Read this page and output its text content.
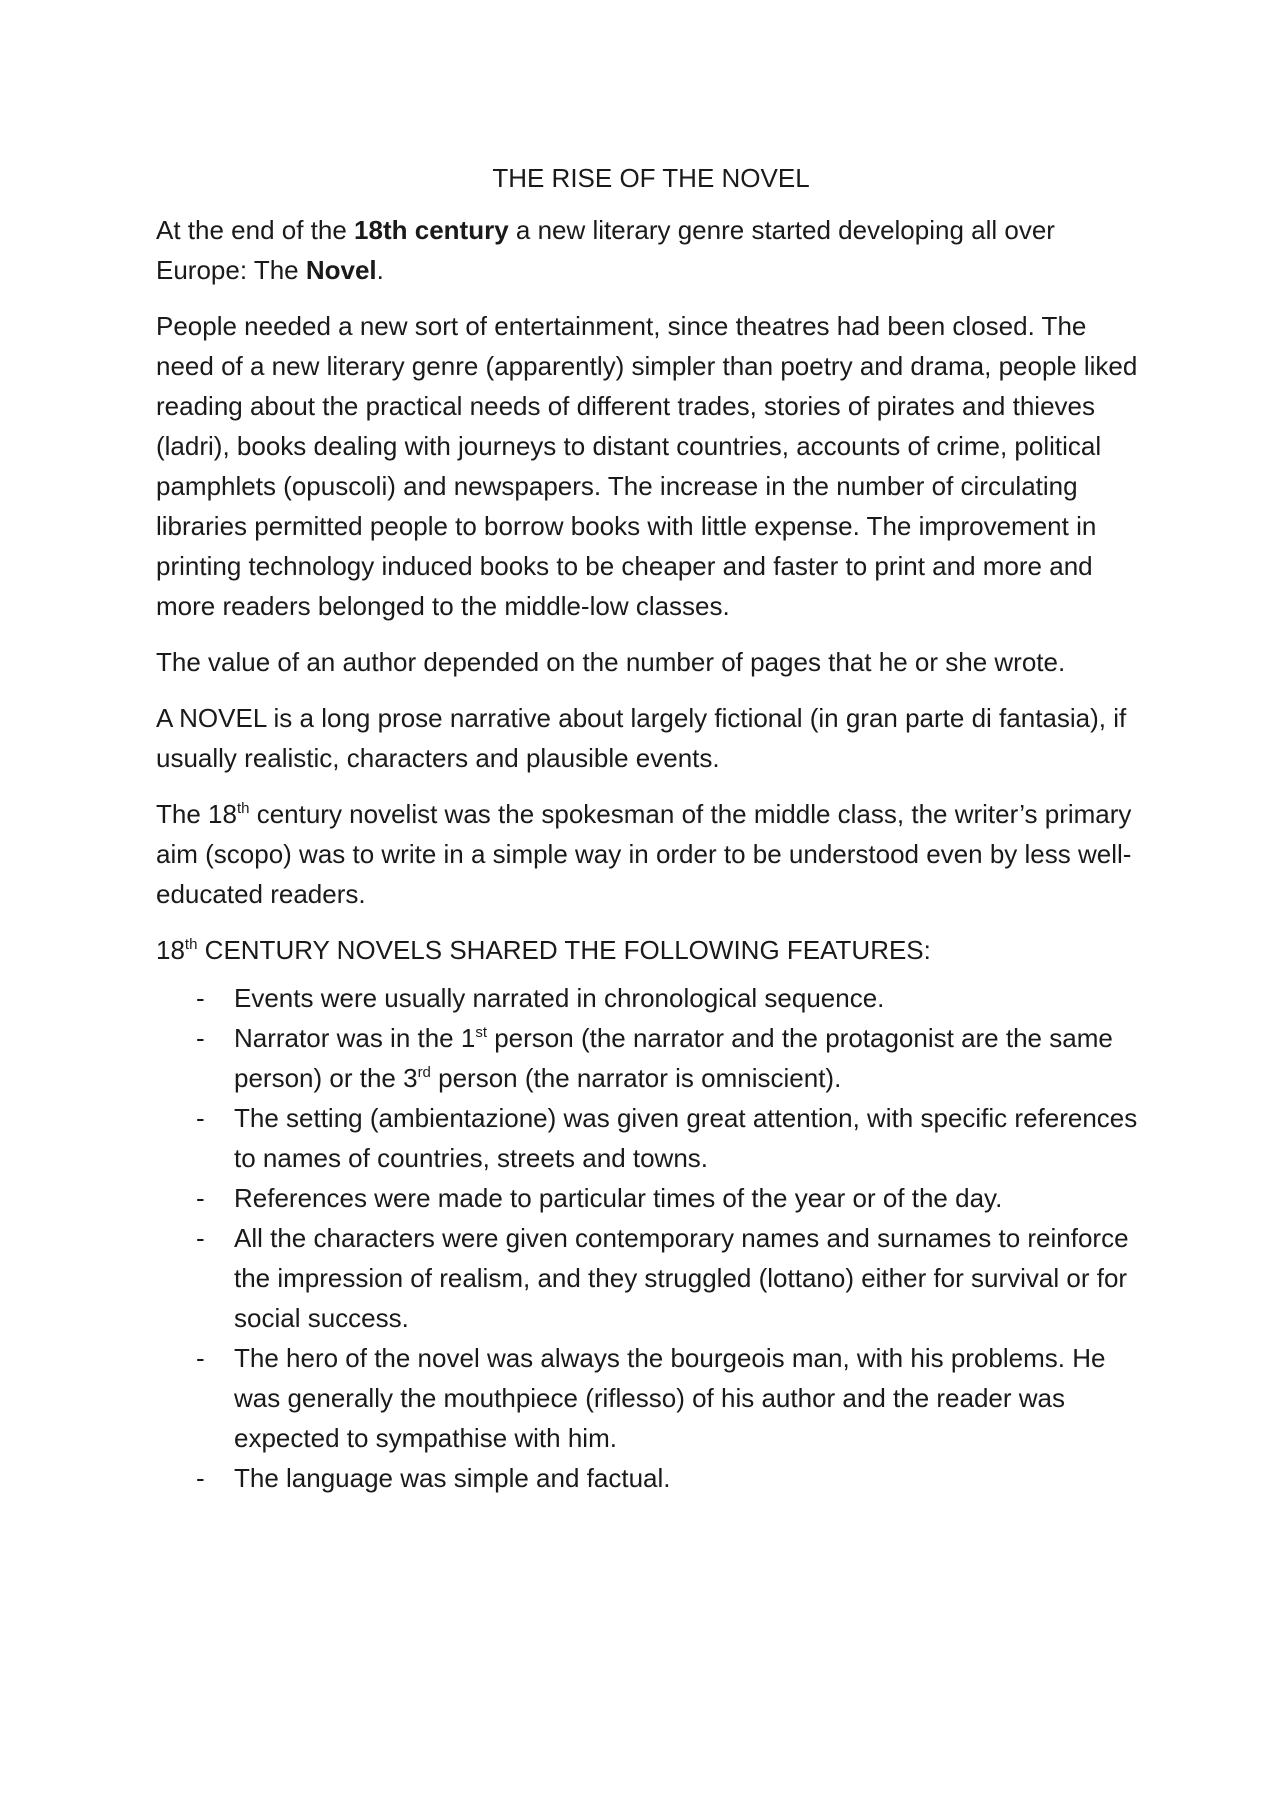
THE RISE OF THE NOVEL

At the end of the 18th century a new literary genre started developing all over Europe: The Novel.

People needed a new sort of entertainment, since theatres had been closed. The need of a new literary genre (apparently) simpler than poetry and drama, people liked reading about the practical needs of different trades, stories of pirates and thieves (ladri), books dealing with journeys to distant countries, accounts of crime, political pamphlets (opuscoli) and newspapers. The increase in the number of circulating libraries permitted people to borrow books with little expense. The improvement in printing technology induced books to be cheaper and faster to print and more and more readers belonged to the middle-low classes.

The value of an author depended on the number of pages that he or she wrote.

A NOVEL is a long prose narrative about largely fictional (in gran parte di fantasia), if usually realistic, characters and plausible events.

The 18th century novelist was the spokesman of the middle class, the writer’s primary aim (scopo) was to write in a simple way in order to be understood even by less well-educated readers.

18th CENTURY NOVELS SHARED THE FOLLOWING FEATURES:

- Events were usually narrated in chronological sequence.
- Narrator was in the 1st person (the narrator and the protagonist are the same person) or the 3rd person (the narrator is omniscient).
- The setting (ambientazione) was given great attention, with specific references to names of countries, streets and towns.
- References were made to particular times of the year or of the day.
- All the characters were given contemporary names and surnames to reinforce the impression of realism, and they struggled (lottano) either for survival or for social success.
- The hero of the novel was always the bourgeois man, with his problems. He was generally the mouthpiece (riflesso) of his author and the reader was expected to sympathise with him.
- The language was simple and factual.
